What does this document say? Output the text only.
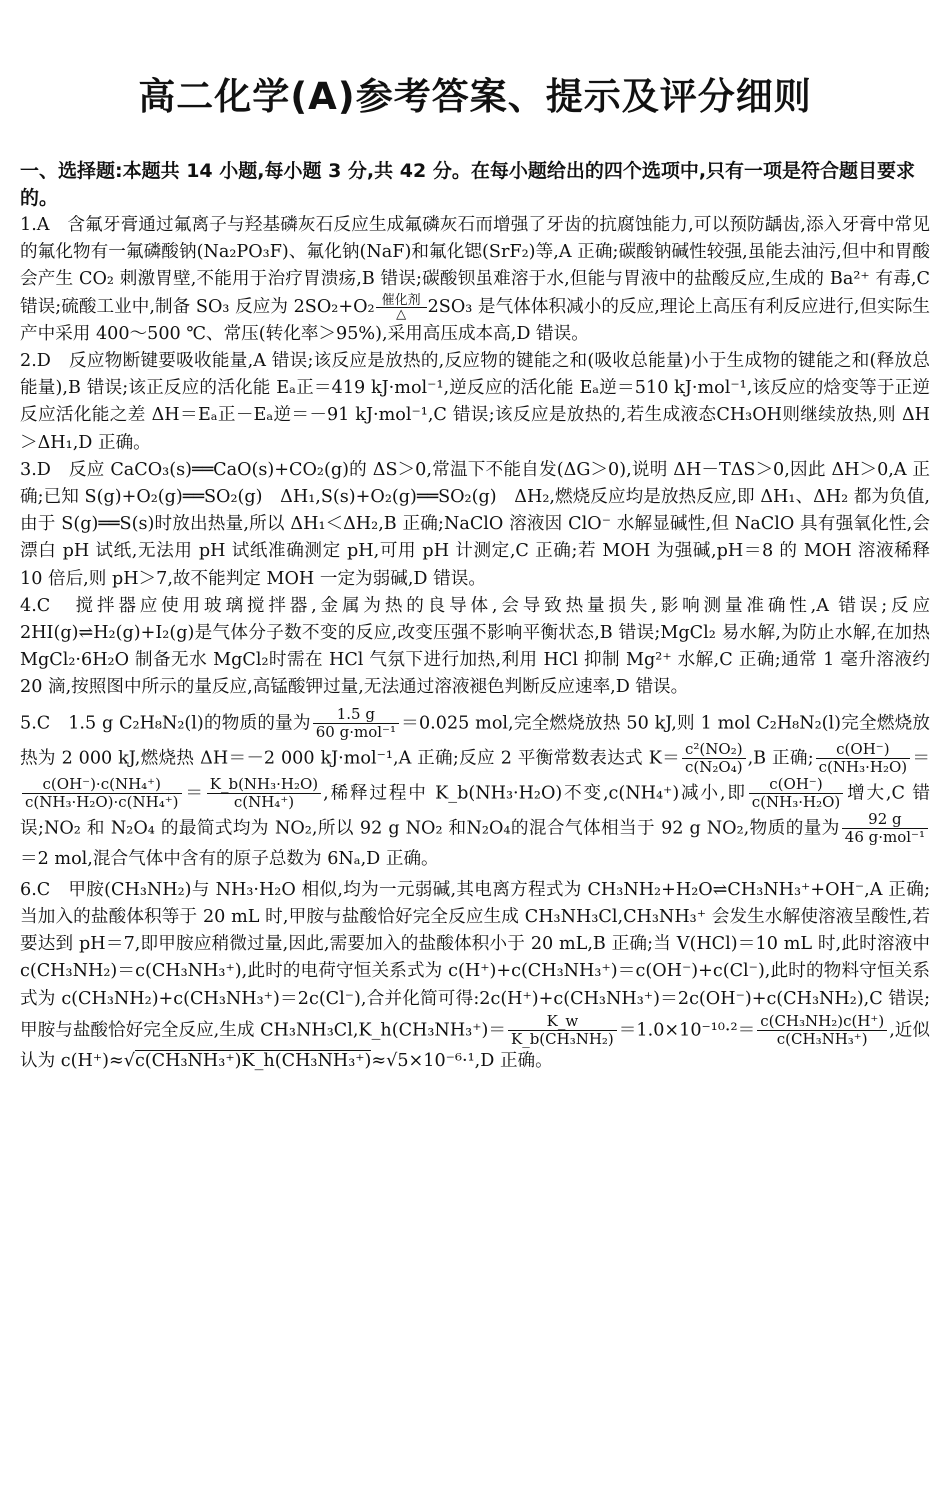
高二化学(A)参考答案、提示及评分细则
一、选择题:本题共 14 小题,每小题 3 分,共 42 分。在每小题给出的四个选项中,只有一项是符合题目要求的。

1.A　含氟牙膏通过氟离子与羟基磷灰石反应生成氟磷灰石而增强了牙齿的抗腐蚀能力,可以预防龋齿,添入牙膏中常见的氟化物有一氟磷酸钠(Na₂PO₃F)、氟化钠(NaF)和氟化锶(SrF₂)等,A 正确;碳酸钠碱性较强,虽能去油污,但中和胃酸会产生 CO₂ 刺激胃壁,不能用于治疗胃溃疡,B 错误;碳酸钡虽难溶于水,但能与胃液中的盐酸反应,生成的 Ba²⁺ 有毒,C 错误;硫酸工业中,制备 SO₃ 反应为 2SO₂+O₂ 催化剂
△	2SO₃ 是气体体积减小的反应,理论上高压有利反应进行,但实际生产中采用 400～500 ℃、常压(转化率＞95%),采用高压成本高,D 错误。

2.D　反应物断键要吸收能量,A 错误;该反应是放热的,反应物的键能之和(吸收总能量)小于生成物的键能之和(释放总能量),B 错误;该正反应的活化能 Eₐ正＝419 kJ·mol⁻¹,逆反应的活化能 Eₐ逆＝510 kJ·mol⁻¹,该反应的焓变等于正逆反应活化能之差 ΔH＝Eₐ正－Eₐ逆＝－91 kJ·mol⁻¹,C 错误;该反应是放热的,若生成液态CH₃OH则继续放热,则 ΔH＞ΔH₁,D 正确。

3.D　反应 CaCO₃(s)══CaO(s)+CO₂(g)的 ΔS＞0,常温下不能自发(ΔG＞0),说明 ΔH－TΔS＞0,因此 ΔH＞0,A 正确;已知 S(g)+O₂(g)══SO₂(g)　ΔH₁,S(s)+O₂(g)══SO₂(g)　ΔH₂,燃烧反应均是放热反应,即 ΔH₁、ΔH₂ 都为负值,由于 S(g)══S(s)时放出热量,所以 ΔH₁＜ΔH₂,B 正确;NaClO 溶液因 ClO⁻ 水解显碱性,但 NaClO 具有强氧化性,会漂白 pH 试纸,无法用 pH 试纸准确测定 pH,可用 pH 计测定,C 正确;若 MOH 为强碱,pH＝8 的 MOH 溶液稀释 10 倍后,则 pH＞7,故不能判定 MOH 一定为弱碱,D 错误。

4.C　搅拌器应使用玻璃搅拌器,金属为热的良导体,会导致热量损失,影响测量准确性,A 错误;反应 2HI(g)⇌H₂(g)+I₂(g)是气体分子数不变的反应,改变压强不影响平衡状态,B 错误;MgCl₂ 易水解,为防止水解,在加热 MgCl₂·6H₂O 制备无水 MgCl₂时需在 HCl 气氛下进行加热,利用 HCl 抑制 Mg²⁺ 水解,C 正确;通常 1 毫升溶液约 20 滴,按照图中所示的量反应,高锰酸钾过量,无法通过溶液褪色判断反应速率,D 错误。

5.C　1.5 g C₂H₈N₂(l)的物质的量为 $\frac{1.5 g}{\text{60 g·mol⁻¹}} =0.025$ mol,完全燃烧放热 50 kJ,则 1 mol C₂H₈N₂(l)完全燃烧放热为 2 000 kJ,燃烧热 ΔH＝－2 000 kJ·mol⁻¹,A 正确;反应 2 平衡常数表达式 $K= \frac{\text{c²(NO₂)}}{\text{c(N₂O₄)}} ,B$ 正确; $\frac{c(OH^-)}{\text{c(NH₃·H₂O)}}$ ＝
$\frac{\text{c(OH⁻)·c(NH₄⁺)}}{\text{c(NH₃·H₂O)·c(NH₄⁺)}} = \frac{\text{K\_b(NH₃·H₂O)}}{\text{c(NH₄⁺)}}$ ,稀释过程中 K_b(NH₃·H₂O)不变,c(NH₄⁺)减小,即 $\frac{c(OH^-)}{\text{c(NH₃·H₂O)}}$ 增大,C 错误;NO₂ 和 N₂O₄ 的最简式均为 NO₂,所以 92 g NO₂ 和N₂O₄的混合气体相当于 92 g NO₂,物质的量为 $\frac{92 g}{\text{46 g·mol⁻¹}}$
＝2 mol,混合气体中含有的原子总数为 6Nₐ,D 正确。

6.C　甲胺(CH₃NH₂)与 NH₃·H₂O 相似,均为一元弱碱,其电离方程式为 CH₃NH₂+H₂O⇌CH₃NH₃⁺+OH⁻,A 正确;当加入的盐酸体积等于 20 mL 时,甲胺与盐酸恰好完全反应生成 CH₃NH₃Cl,CH₃NH₃⁺ 会发生水解使溶液呈酸性,若要达到 pH＝7,即甲胺应稍微过量,因此,需要加入的盐酸体积小于 20 mL,B 正确;当 V(HCl)＝10 mL 时,此时溶液中 c(CH₃NH₂)＝c(CH₃NH₃⁺),此时的电荷守恒关系式为 c(H⁺)+c(CH₃NH₃⁺)＝c(OH⁻)+c(Cl⁻),此时的物料守恒关系式为 c(CH₃NH₂)+c(CH₃NH₃⁺)＝2c(Cl⁻),合并化简可得:2c(H⁺)+c(CH₃NH₃⁺)＝2c(OH⁻)+c(CH₃NH₂),C 错误;甲胺与盐酸恰好完全反应,生成 CH₃NH₃Cl,K_h(CH₃NH₃⁺)＝ $\frac{K\_w}{\text{K\_b(CH₃NH₂)}} =1.0\times 10^{-10}\cdot^2= \frac{\text{c(CH₃NH₂)c(H⁺)}}{\text{c(CH₃NH₃⁺)}}$ ,近似认为 c(H⁺)≈√c(CH₃NH₃⁺)K_h(CH₃NH₃⁺)≈√5×10⁻⁶·¹,D 正确。
